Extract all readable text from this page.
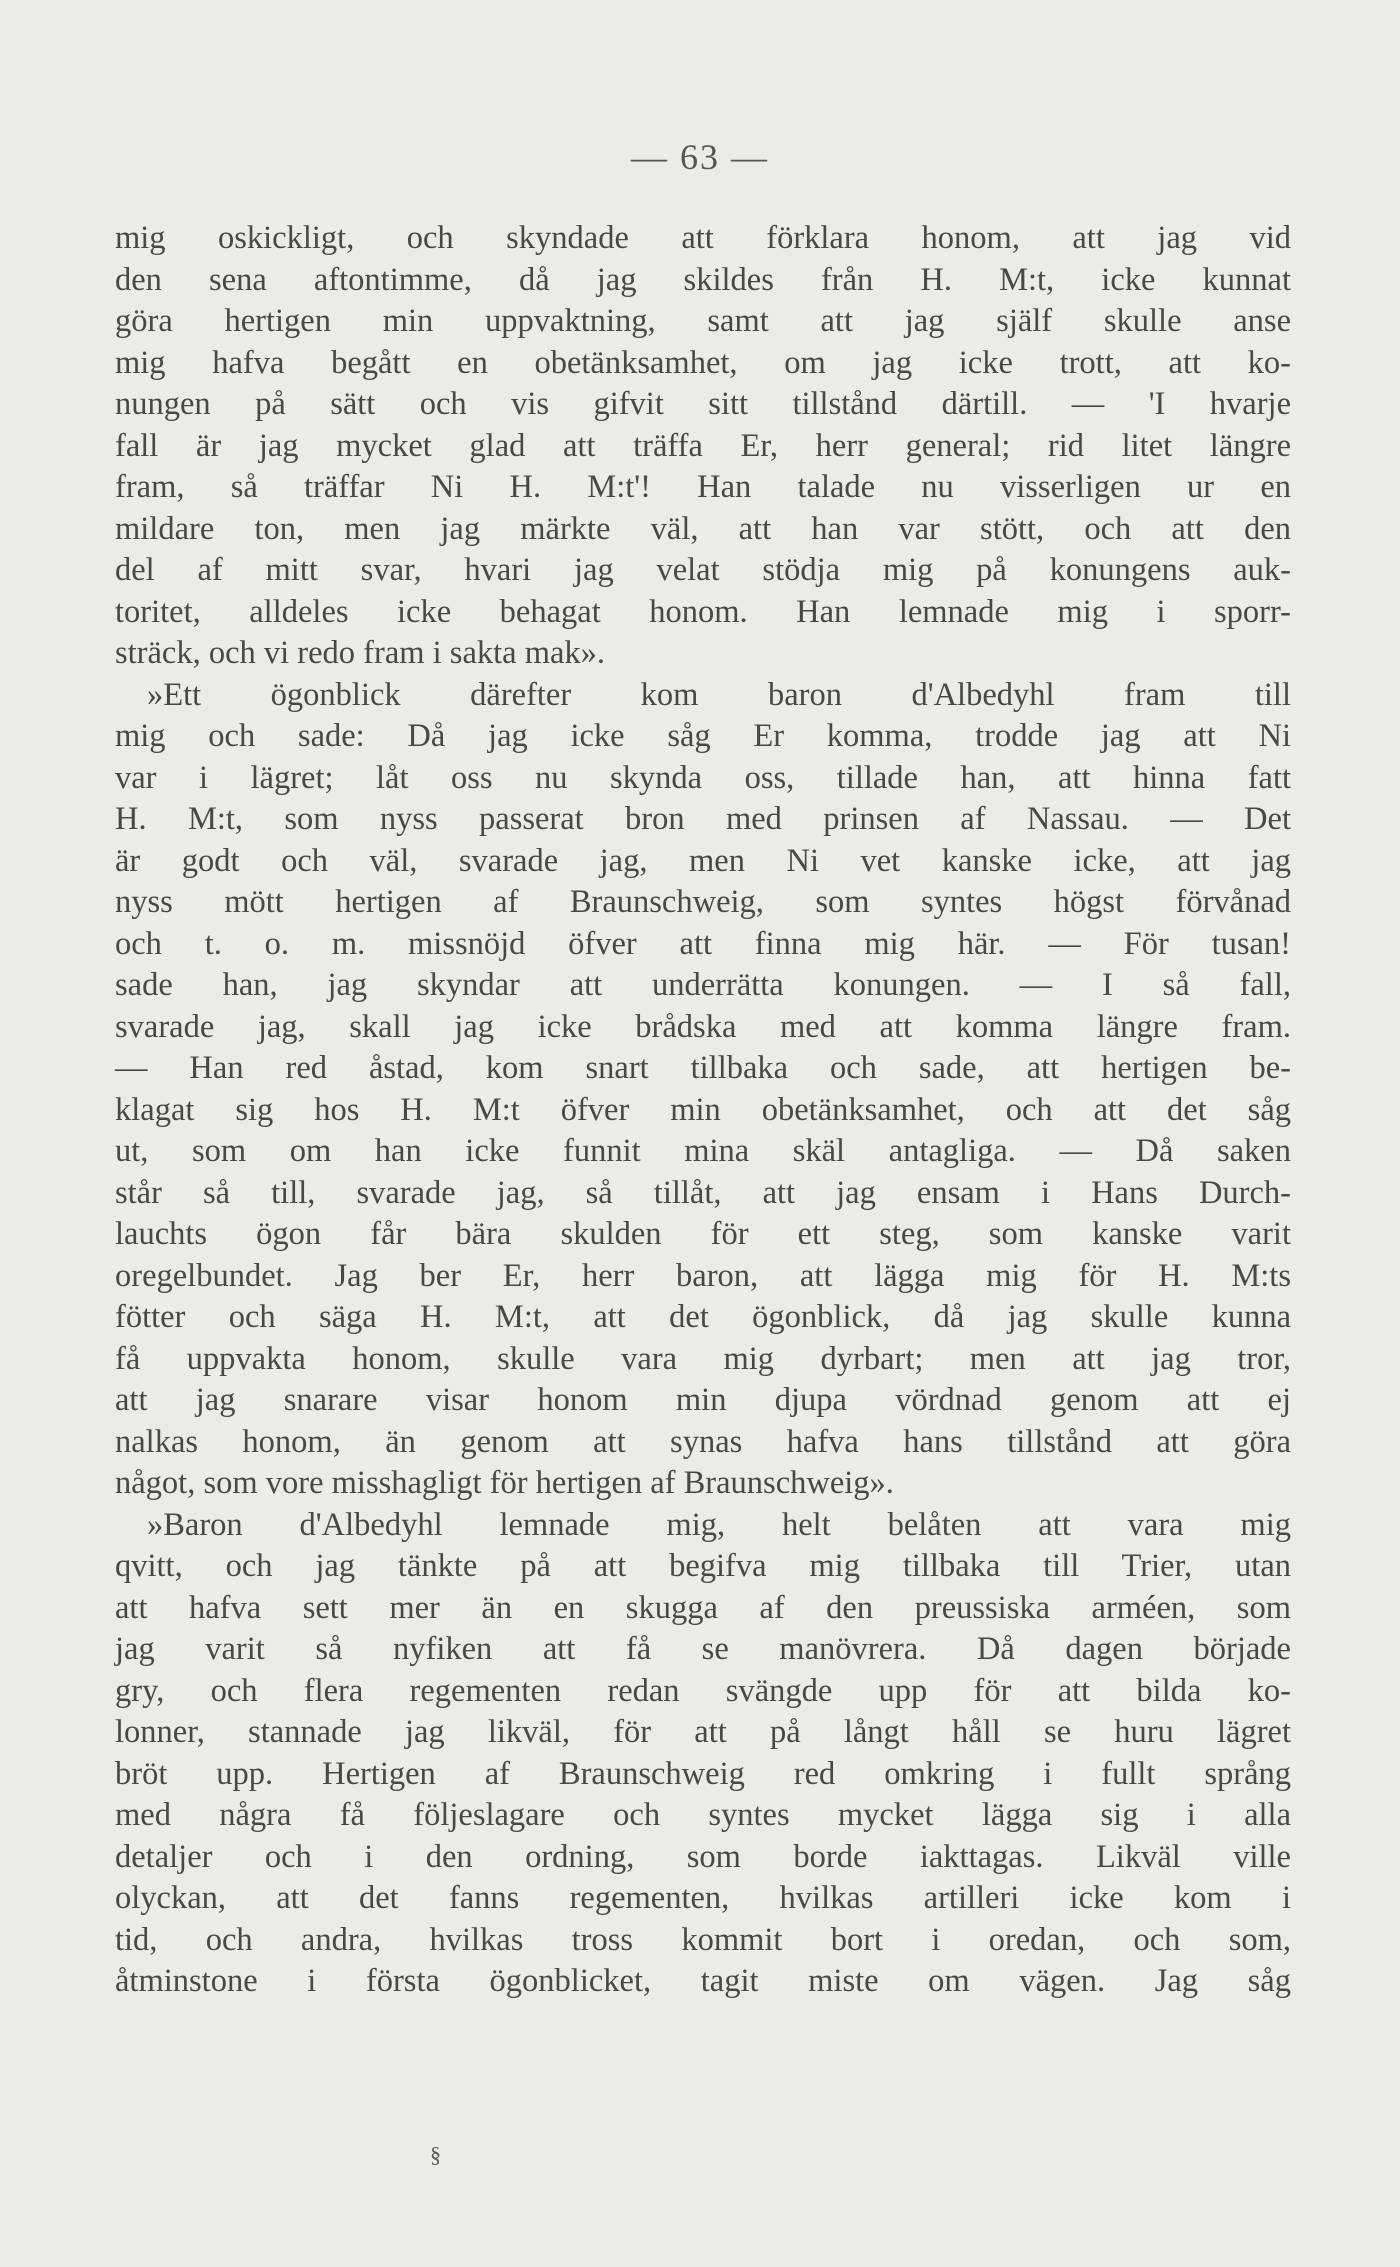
— 63 —
mig oskickligt, och skyndade att förklara honom, att jag vid
den sena aftontimme, då jag skildes från H. M:t, icke kunnat
göra hertigen min uppvaktning, samt att jag själf skulle anse
mig hafva begått en obetänksamhet, om jag icke trott, att ko-
nungen på sätt och vis gifvit sitt tillstånd därtill. — 'I hvarje
fall är jag mycket glad att träffa Er, herr general; rid litet längre
fram, så träffar Ni H. M:t'! Han talade nu visserligen ur en
mildare ton, men jag märkte väl, att han var stött, och att den
del af mitt svar, hvari jag velat stödja mig på konungens auk-
toritet, alldeles icke behagat honom. Han lemnade mig i sporr-
sträck, och vi redo fram i sakta mak».
»Ett ögonblick därefter kom baron d'Albedyhl fram till
mig och sade: Då jag icke såg Er komma, trodde jag att Ni
var i lägret; låt oss nu skynda oss, tillade han, att hinna fatt
H. M:t, som nyss passerat bron med prinsen af Nassau. — Det
är godt och väl, svarade jag, men Ni vet kanske icke, att jag
nyss mött hertigen af Braunschweig, som syntes högst förvånad
och t. o. m. missnöjd öfver att finna mig här. — För tusan!
sade han, jag skyndar att underrätta konungen. — I så fall,
svarade jag, skall jag icke brådska med att komma längre fram.
— Han red åstad, kom snart tillbaka och sade, att hertigen be-
klagat sig hos H. M:t öfver min obetänksamhet, och att det såg
ut, som om han icke funnit mina skäl antagliga. — Då saken
står så till, svarade jag, så tillåt, att jag ensam i Hans Durch-
lauchts ögon får bära skulden för ett steg, som kanske varit
oregelbundet. Jag ber Er, herr baron, att lägga mig för H. M:ts
fötter och säga H. M:t, att det ögonblick, då jag skulle kunna
få uppvakta honom, skulle vara mig dyrbart; men att jag tror,
att jag snarare visar honom min djupa vördnad genom att ej
nalkas honom, än genom att synas hafva hans tillstånd att göra
något, som vore misshagligt för hertigen af Braunschweig».
»Baron d'Albedyhl lemnade mig, helt belåten att vara mig
qvitt, och jag tänkte på att begifva mig tillbaka till Trier, utan
att hafva sett mer än en skugga af den preussiska arméen, som
jag varit så nyfiken att få se manövrera. Då dagen började
gry, och flera regementen redan svängde upp för att bilda ko-
lonner, stannade jag likväl, för att på långt håll se huru lägret
bröt upp. Hertigen af Braunschweig red omkring i fullt språng
med några få följeslagare och syntes mycket lägga sig i alla
detaljer och i den ordning, som borde iakttagas. Likväl ville
olyckan, att det fanns regementen, hvilkas artilleri icke kom i
tid, och andra, hvilkas tross kommit bort i oredan, och som,
åtminstone i första ögonblicket, tagit miste om vägen. Jag såg
§
